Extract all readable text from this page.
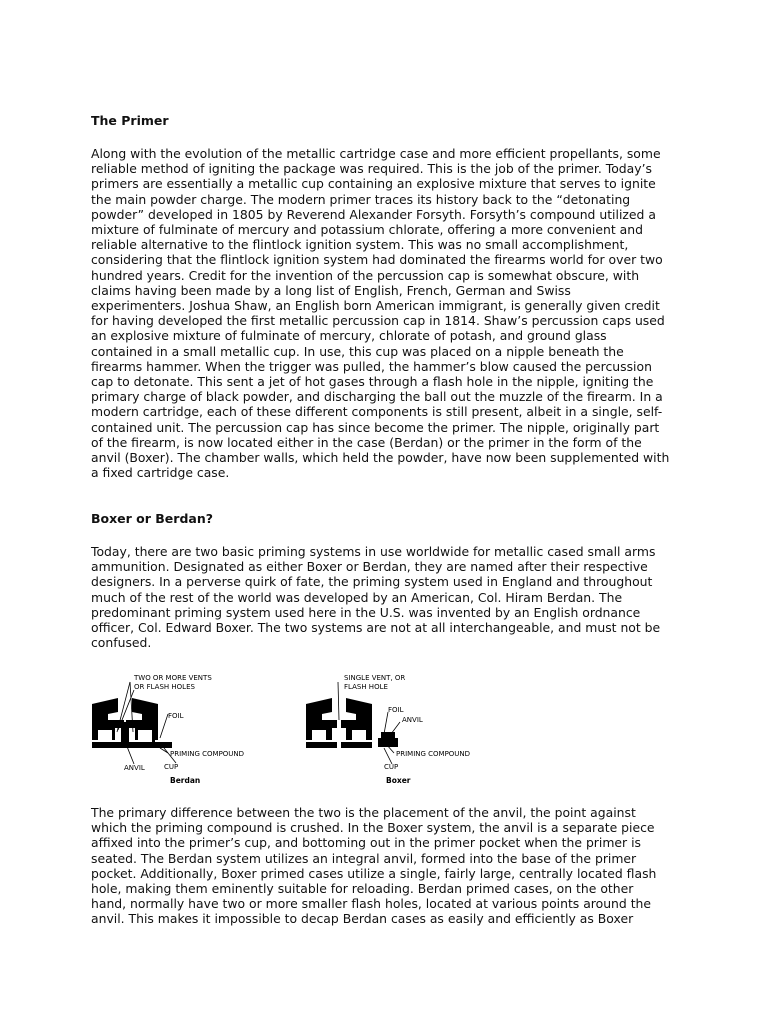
The Primer
Along with the evolution of the metallic cartridge case and more efficient propellants, some
reliable method of igniting the package was required. This is the job of the primer. Today’s
primers are essentially a metallic cup containing an explosive mixture that serves to ignite
the main powder charge. The modern primer traces its history back to the “detonating
powder” developed in 1805 by Reverend Alexander Forsyth. Forsyth’s compound utilized a
mixture of fulminate of mercury and potassium chlorate, offering a more convenient and
reliable alternative to the flintlock ignition system. This was no small accomplishment,
considering that the flintlock ignition system had dominated the firearms world for over two
hundred years. Credit for the invention of the percussion cap is somewhat obscure, with
claims having been made by a long list of English, French, German and Swiss
experimenters. Joshua Shaw, an English born American immigrant, is generally given credit
for having developed the first metallic percussion cap in 1814. Shaw’s percussion caps used
an explosive mixture of fulminate of mercury, chlorate of potash, and ground glass
contained in a small metallic cup. In use, this cup was placed on a nipple beneath the
firearms hammer. When the trigger was pulled, the hammer’s blow caused the percussion
cap to detonate. This sent a jet of hot gases through a flash hole in the nipple, igniting the
primary charge of black powder, and discharging the ball out the muzzle of the firearm. In a
modern cartridge, each of these different components is still present, albeit in a single, self-
contained unit. The percussion cap has since become the primer. The nipple, originally part
of the firearm, is now located either in the case (Berdan) or the primer in the form of the
anvil (Boxer). The chamber walls, which held the powder, have now been supplemented with
a fixed cartridge case.
Boxer or Berdan?
Today, there are two basic priming systems in use worldwide for metallic cased small arms
ammunition. Designated as either Boxer or Berdan, they are named after their respective
designers. In a perverse quirk of fate, the priming system used in England and throughout
much of the rest of the world was developed by an American, Col. Hiram Berdan. The
predominant priming system used here in the U.S. was invented by an English ordnance
officer, Col. Edward Boxer. The two systems are not at all interchangeable, and must not be
confused.
TWO OR MORE VENTS
OR FLASH HOLES
FOIL
PRIMING COMPOUND
ANVIL	CUP
Berdan
SINGLE VENT, OR
FLASH HOLE
FOIL
ANVIL
PRIMING COMPOUND
CUP
Boxer
The primary difference between the two is the placement of the anvil, the point against
which the priming compound is crushed. In the Boxer system, the anvil is a separate piece
affixed into the primer’s cup, and bottoming out in the primer pocket when the primer is
seated. The Berdan system utilizes an integral anvil, formed into the base of the primer
pocket. Additionally, Boxer primed cases utilize a single, fairly large, centrally located flash
hole, making them eminently suitable for reloading. Berdan primed cases, on the other
hand, normally have two or more smaller flash holes, located at various points around the
anvil. This makes it impossible to decap Berdan cases as easily and efficiently as Boxer
